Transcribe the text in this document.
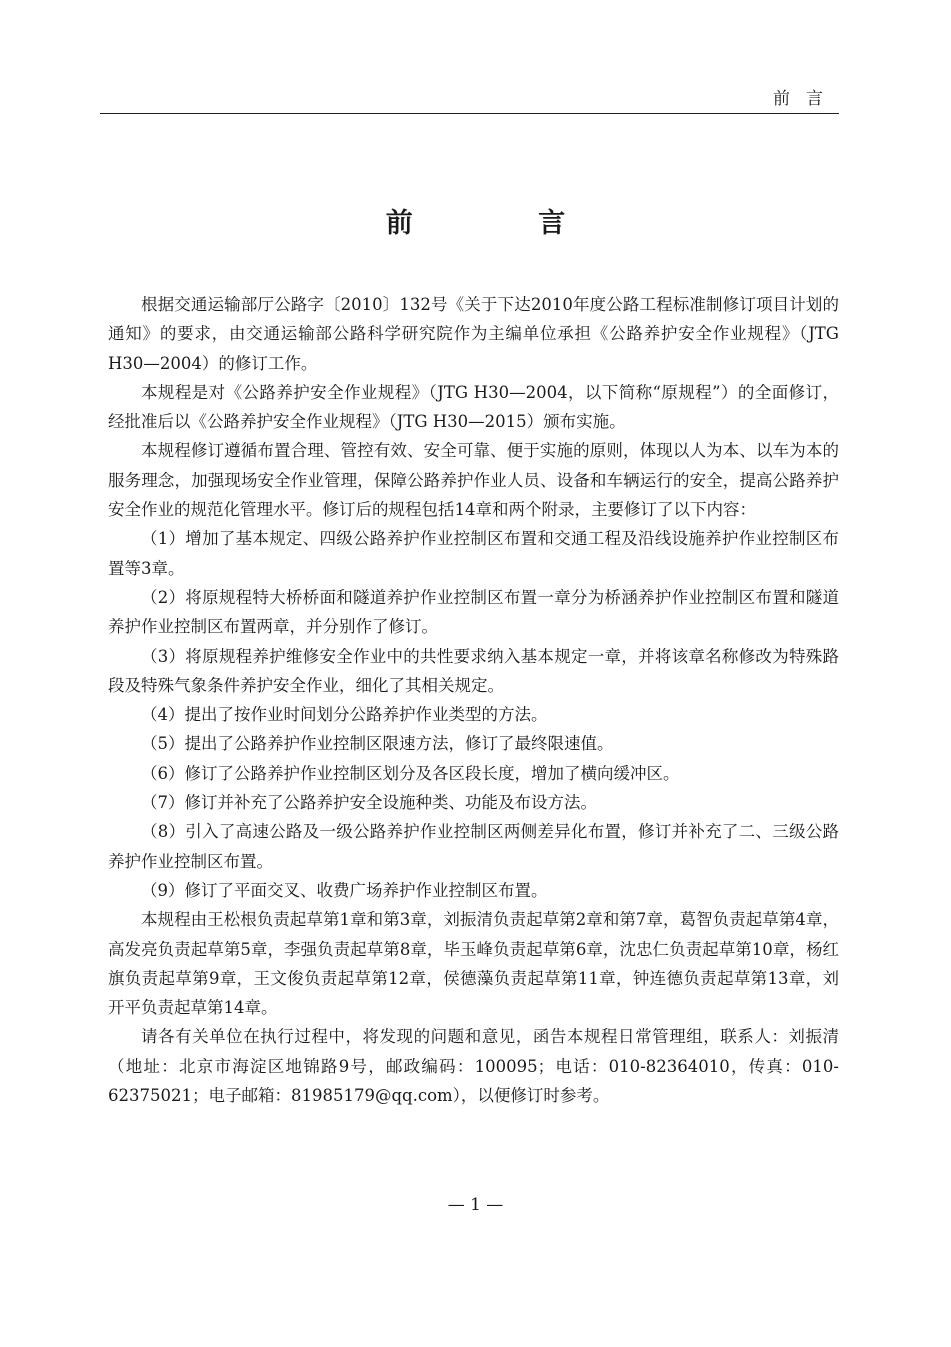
前言
前 言

根据交通运输部厅公路字〔2010〕132号《关于下达2010年度公路工程标准制修订项目计划的通知》的要求，由交通运输部公路科学研究院作为主编单位承担《公路养护安全作业规程》（JTG H30—2004）的修订工作。

本规程是对《公路养护安全作业规程》（JTG H30—2004，以下简称“原规程”）的全面修订，经批准后以《公路养护安全作业规程》（JTG H30—2015）颁布实施。

本规程修订遵循布置合理、管控有效、安全可靠、便于实施的原则，体现以人为本、以车为本的服务理念，加强现场安全作业管理，保障公路养护作业人员、设备和车辆运行的安全，提高公路养护安全作业的规范化管理水平。修订后的规程包括14章和两个附录，主要修订了以下内容：

（1）增加了基本规定、四级公路养护作业控制区布置和交通工程及沿线设施养护作业控制区布置等3章。

（2）将原规程特大桥桥面和隧道养护作业控制区布置一章分为桥涵养护作业控制区布置和隧道养护作业控制区布置两章，并分别作了修订。

（3）将原规程养护维修安全作业中的共性要求纳入基本规定一章，并将该章名称修改为特殊路段及特殊气象条件养护安全作业，细化了其相关规定。

（4）提出了按作业时间划分公路养护作业类型的方法。

（5）提出了公路养护作业控制区限速方法，修订了最终限速值。

（6）修订了公路养护作业控制区划分及各区段长度，增加了横向缓冲区。

（7）修订并补充了公路养护安全设施种类、功能及布设方法。

（8）引入了高速公路及一级公路养护作业控制区两侧差异化布置，修订并补充了二、三级公路养护作业控制区布置。

（9）修订了平面交叉、收费广场养护作业控制区布置。

本规程由王松根负责起草第1章和第3章，刘振清负责起草第2章和第7章，葛智负责起草第4章，高发亮负责起草第5章，李强负责起草第8章，毕玉峰负责起草第6章，沈忠仁负责起草第10章，杨红旗负责起草第9章，王文俊负责起草第12章，侯德藻负责起草第11章，钟连德负责起草第13章，刘开平负责起草第14章。

请各有关单位在执行过程中，将发现的问题和意见，函告本规程日常管理组，联系人：刘振清（地址：北京市海淀区地锦路9号，邮政编码：100095；电话：010-82364010，传真：010-62375021；电子邮箱：81985179@qq.com），以便修订时参考。

— 1 —
